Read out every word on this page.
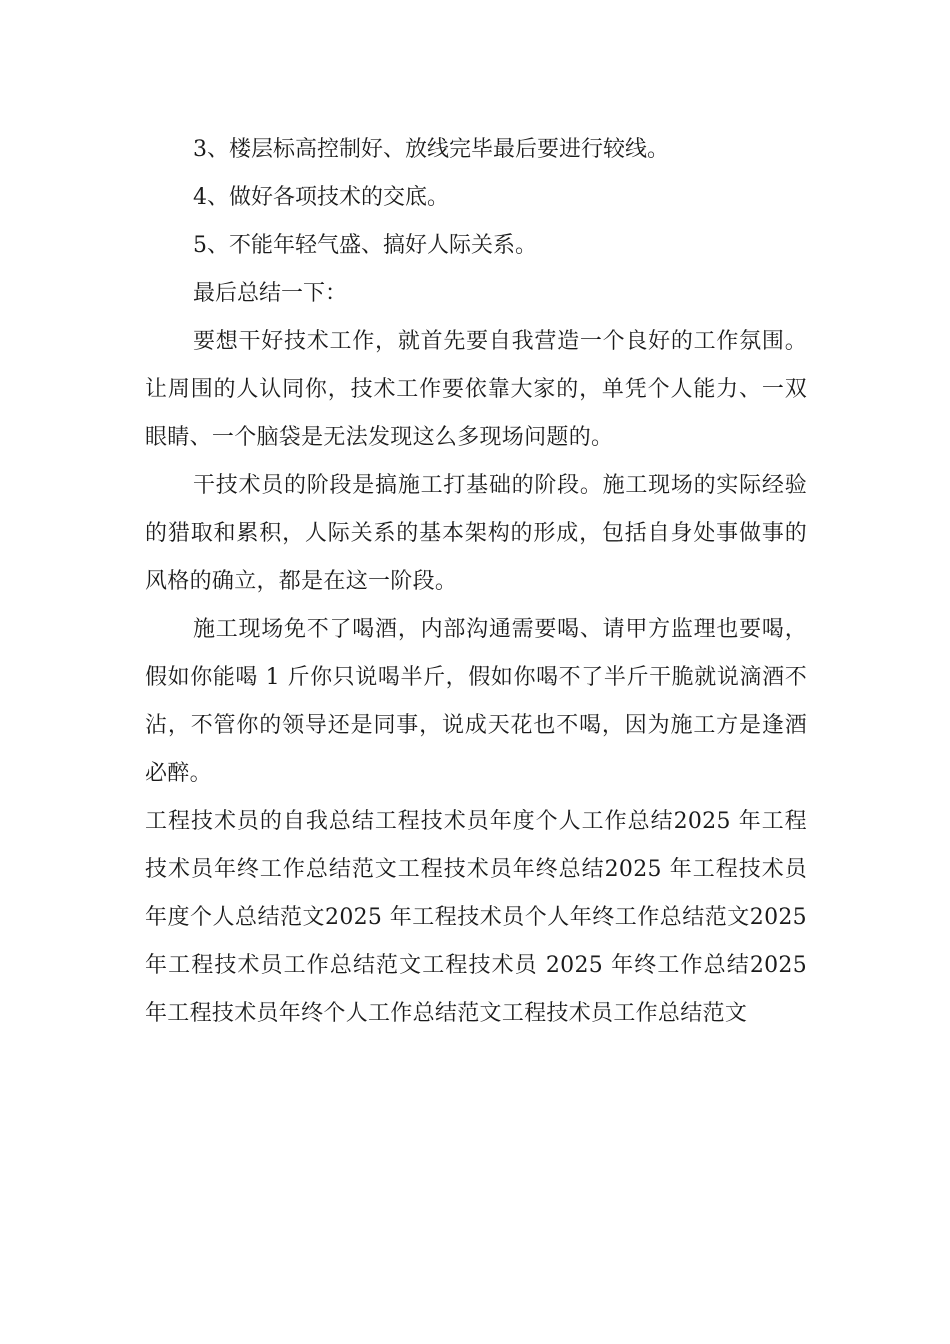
3、楼层标高控制好、放线完毕最后要进行较线。

4、做好各项技术的交底。

5、不能年轻气盛、搞好人际关系。

最后总结一下：

要想干好技术工作，就首先要自我营造一个良好的工作氛围。让周围的人认同你，技术工作要依靠大家的，单凭个人能力、一双眼睛、一个脑袋是无法发现这么多现场问题的。

干技术员的阶段是搞施工打基础的阶段。施工现场的实际经验的猎取和累积，人际关系的基本架构的形成，包括自身处事做事的风格的确立，都是在这一阶段。

施工现场免不了喝酒，内部沟通需要喝、请甲方监理也要喝，假如你能喝 1 斤你只说喝半斤，假如你喝不了半斤干脆就说滴酒不沾，不管你的领导还是同事，说成天花也不喝，因为施工方是逢酒必醉。

工程技术员的自我总结工程技术员年度个人工作总结2025 年工程技术员年终工作总结范文工程技术员年终总结2025 年工程技术员年度个人总结范文2025 年工程技术员个人年终工作总结范文2025 年工程技术员工作总结范文工程技术员 2025 年终工作总结2025 年工程技术员年终个人工作总结范文工程技术员工作总结范文
